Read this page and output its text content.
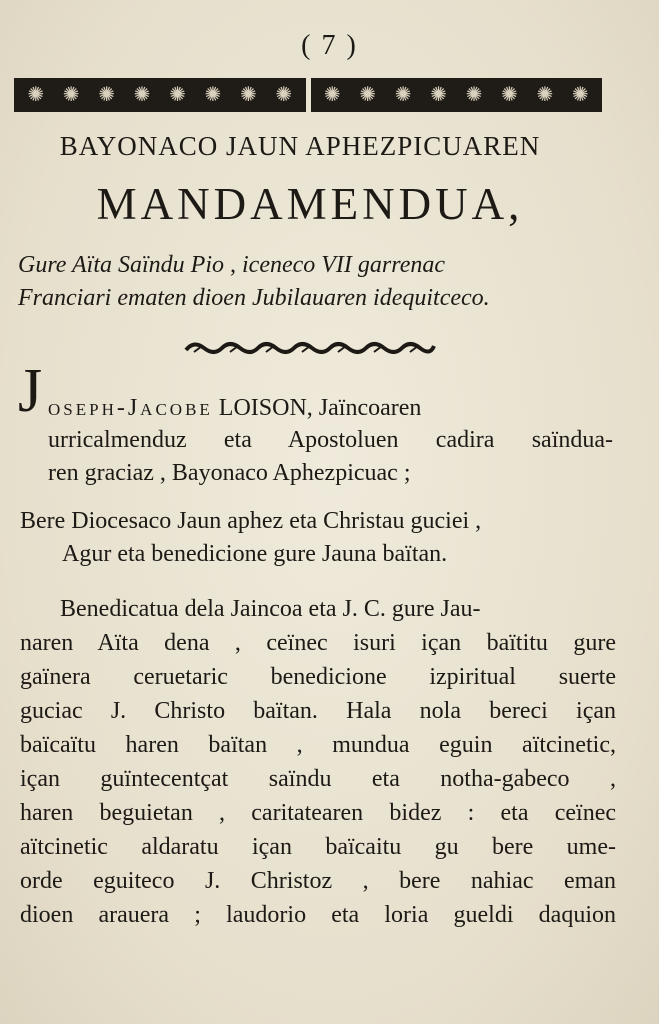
( 7 )
✺ ✺ ✺ ✺ ✺ ✺ ✺ ✺ ✺ ✺ ✺ ✺ ✺ ✺ ✺ ✺
BAYONACO JAUN APHEZPICUAREN
MANDAMENDUA,
Gure Aïta Saïndu Pio , iceneco VII garrenac
Franciari ematen dioen Jubilauaren idequitceco.
J oseph-Jacobe LOISON, Jaïncoaren
urricalmenduz eta Apostoluen cadira saïndua-
ren graciaz , Bayonaco Aphezpicuac ;
Bere Diocesaco Jaun aphez eta Christau guciei ,
Agur eta benedicione gure Jauna baïtan.
Benedicatua dela Jaincoa eta J. C. gure Jau-
naren Aïta dena , ceïnec isuri içan baïtitu gure
gaïnera ceruetaric benedicione izpiritual suerte
guciac J. Christo baïtan. Hala nola bereci içan
baïcaïtu haren baïtan , mundua eguin aïtcinetic,
içan guïntecentçat saïndu eta notha-gabeco ,
haren beguietan , caritatearen bidez : eta ceïnec
aïtcinetic aldaratu içan baïcaitu gu bere ume-
orde eguiteco J. Christoz , bere nahiac eman
dioen arauera ; laudorio eta loria gueldi daquion
